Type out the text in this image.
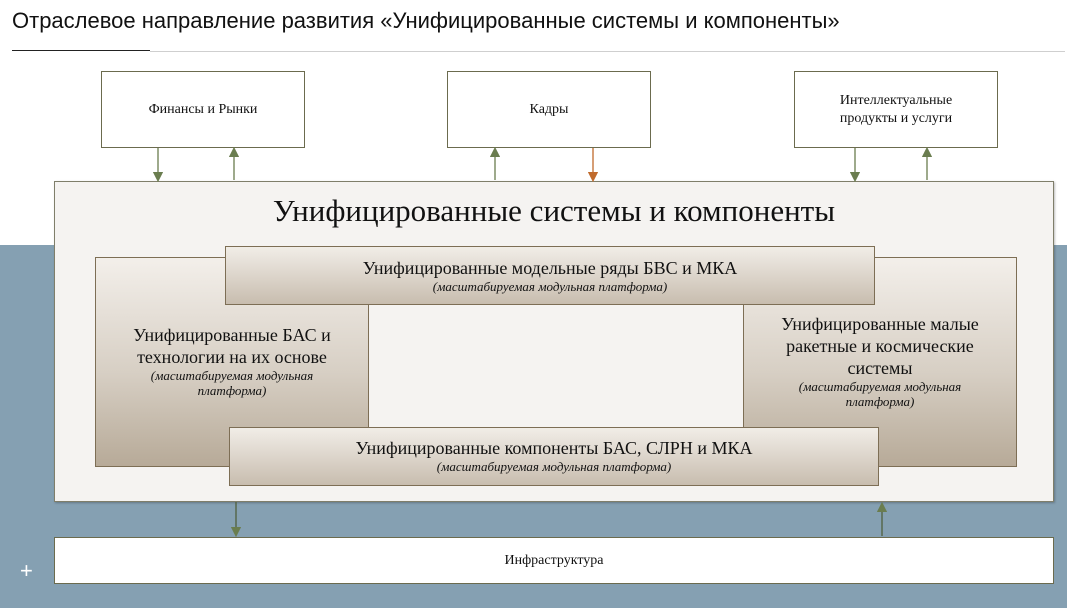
Отраслевое направление развития «Унифицированные системы и компоненты»
Финансы и Рынки	Кадры
Интеллектуальные
продукты и услуги
Унифицированные системы и компоненты
Унифицированные БАС и
технологии на их основе
(масштабируемая модульная
платформа)
Унифицированные малые
ракетные и космические
системы
(масштабируемая модульная
платформа)
Унифицированные модельные ряды БВС и МКА
(масштабируемая модульная платформа)
Унифицированные компоненты БАС, СЛРН и МКА
(масштабируемая модульная платформа)
Инфраструктура
+
